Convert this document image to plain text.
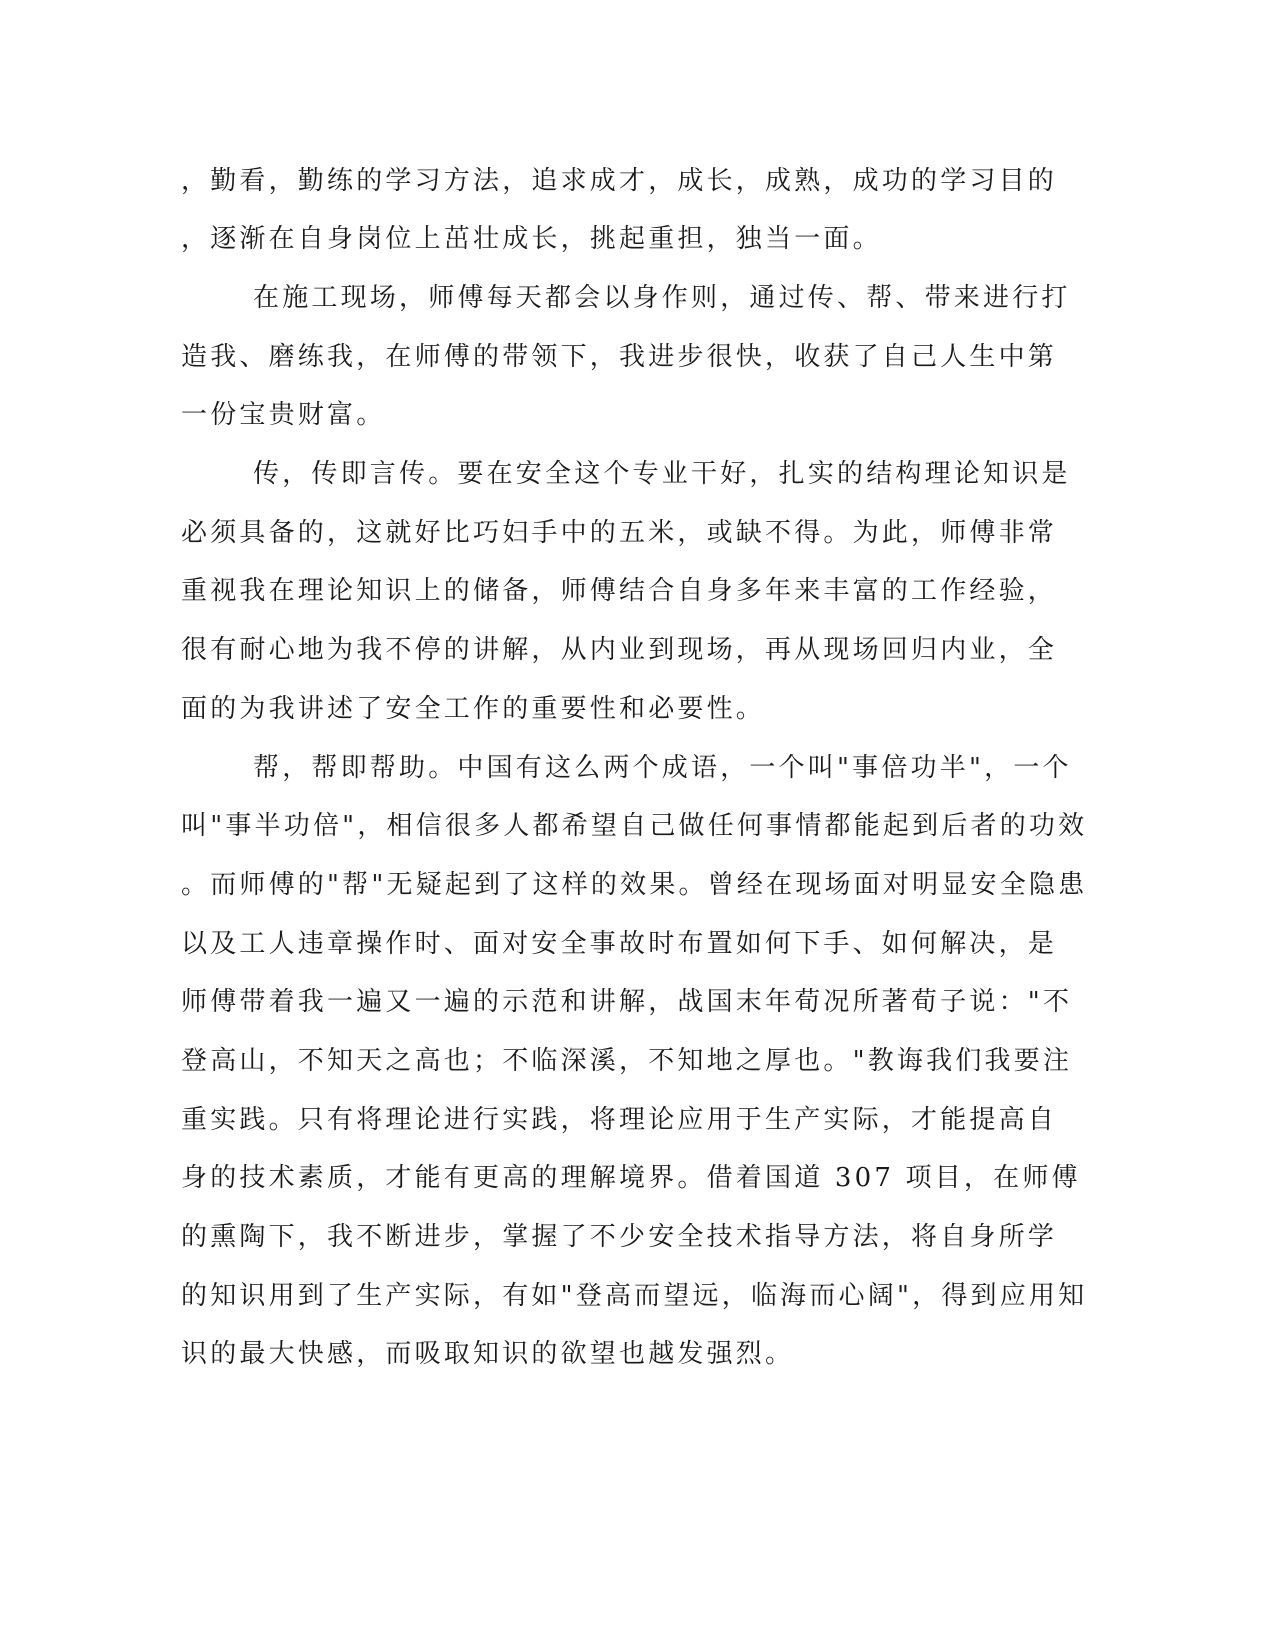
，勤看，勤练的学习方法，追求成才，成长，成熟，成功的学习目的
，逐渐在自身岗位上茁壮成长，挑起重担，独当一面。
在施工现场，师傅每天都会以身作则，通过传、帮、带来进行打
造我、磨练我，在师傅的带领下，我进步很快，收获了自己人生中第
一份宝贵财富。
传，传即言传。要在安全这个专业干好，扎实的结构理论知识是
必须具备的，这就好比巧妇手中的五米，或缺不得。为此，师傅非常
重视我在理论知识上的储备，师傅结合自身多年来丰富的工作经验，
很有耐心地为我不停的讲解，从内业到现场，再从现场回归内业，全
面的为我讲述了安全工作的重要性和必要性。
帮，帮即帮助。中国有这么两个成语，一个叫"事倍功半"，一个
叫"事半功倍"，相信很多人都希望自己做任何事情都能起到后者的功效
。而师傅的"帮"无疑起到了这样的效果。曾经在现场面对明显安全隐患
以及工人违章操作时、面对安全事故时布置如何下手、如何解决，是
师傅带着我一遍又一遍的示范和讲解，战国末年荀况所著荀子说："不
登高山，不知天之高也；不临深溪，不知地之厚也。"教诲我们我要注
重实践。只有将理论进行实践，将理论应用于生产实际，才能提高自
身的技术素质，才能有更高的理解境界。借着国道 307 项目，在师傅
的熏陶下，我不断进步，掌握了不少安全技术指导方法，将自身所学
的知识用到了生产实际，有如"登高而望远，临海而心阔"，得到应用知
识的最大快感，而吸取知识的欲望也越发强烈。
